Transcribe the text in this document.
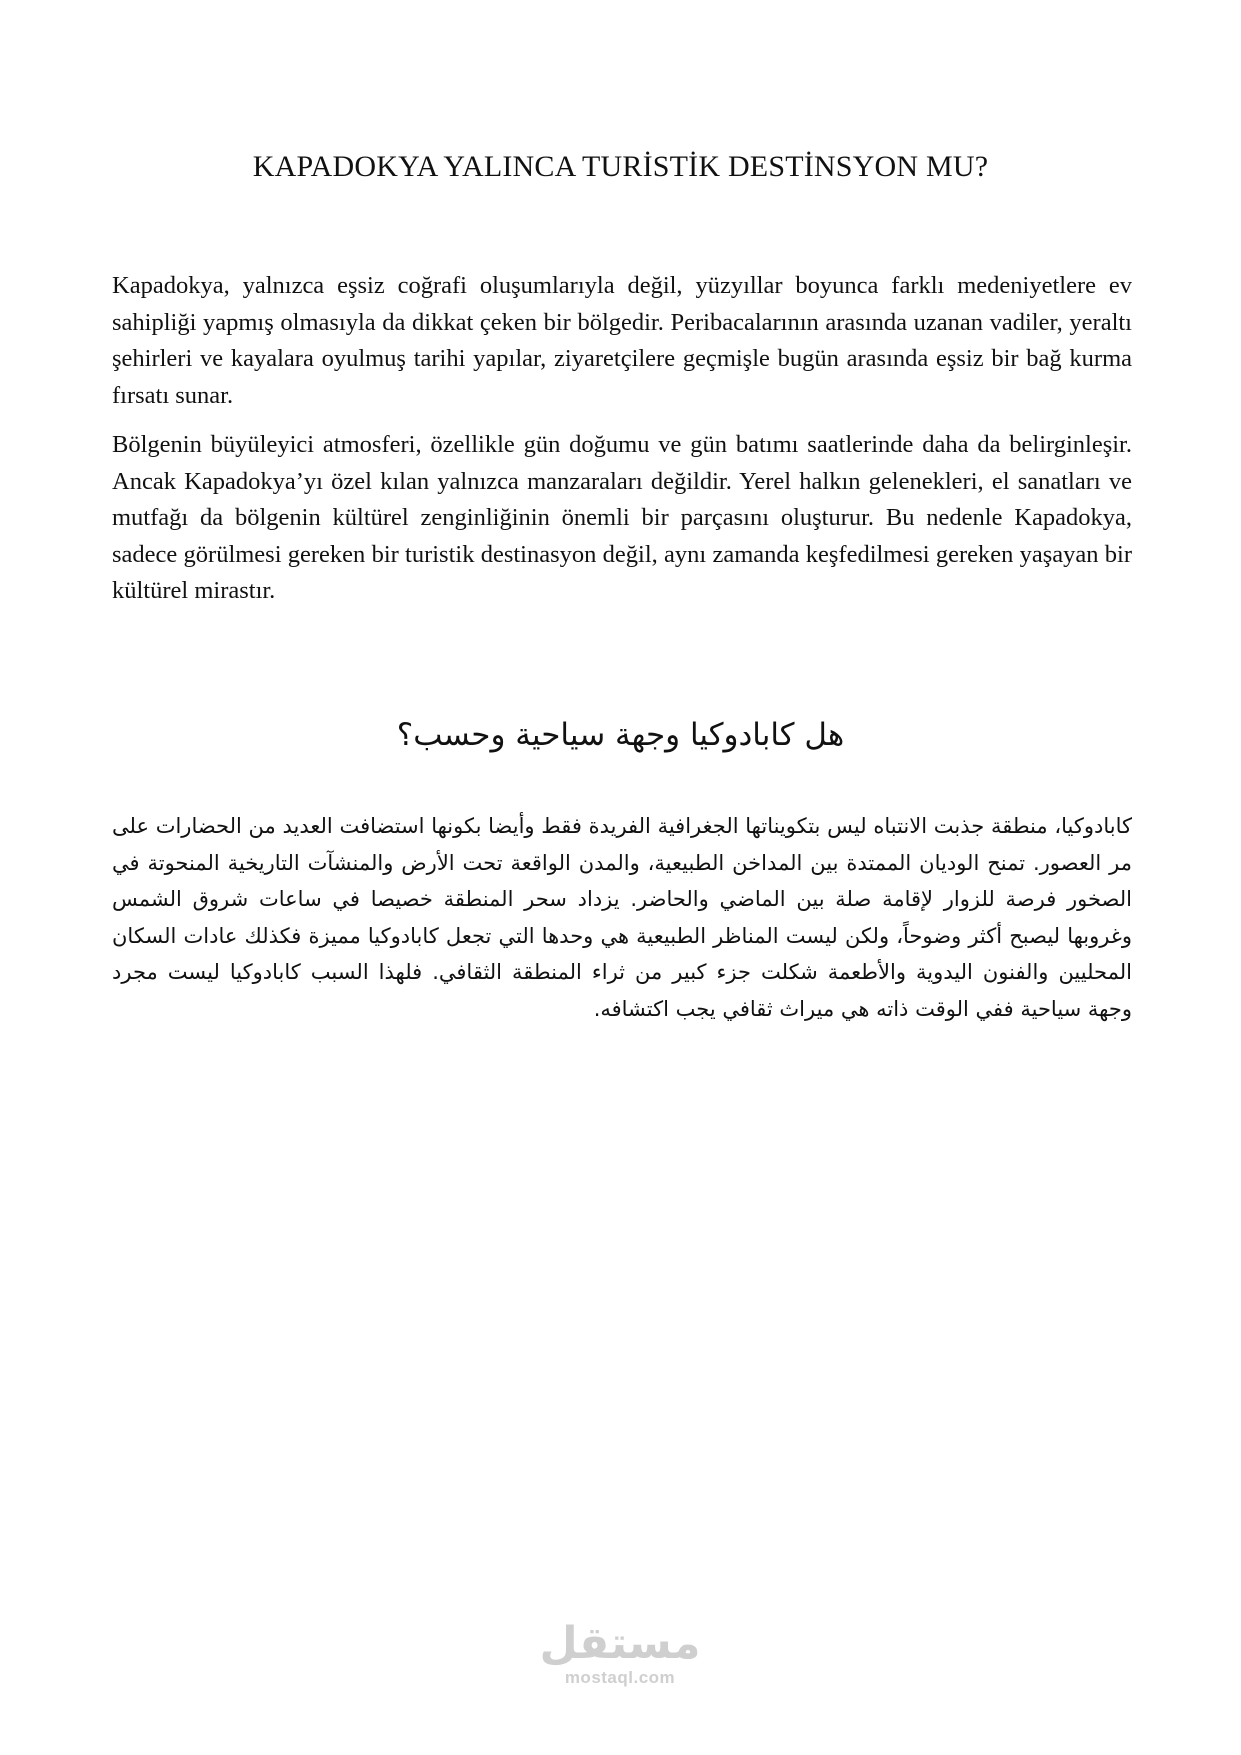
KAPADOKYA YALINCA TURİSTİK DESTİNSYON MU?

Kapadokya, yalnızca eşsiz coğrafi oluşumlarıyla değil, yüzyıllar boyunca farklı medeniyetlere ev sahipliği yapmış olmasıyla da dikkat çeken bir bölgedir. Peribacalarının arasında uzanan vadiler, yeraltı şehirleri ve kayalara oyulmuş tarihi yapılar, ziyaretçilere geçmişle bugün arasında eşsiz bir bağ kurma fırsatı sunar.

Bölgenin büyüleyici atmosferi, özellikle gün doğumu ve gün batımı saatlerinde daha da belirginleşir. Ancak Kapadokya’yı özel kılan yalnızca manzaraları değildir. Yerel halkın gelenekleri, el sanatları ve mutfağı da bölgenin kültürel zenginliğinin önemli bir parçasını oluşturur. Bu nedenle Kapadokya, sadece görülmesi gereken bir turistik destinasyon değil, aynı zamanda keşfedilmesi gereken yaşayan bir kültürel mirastır.

هل كابادوكيا وجهة سياحية وحسب؟

كابادوكيا، منطقة جذبت الانتباه ليس بتكويناتها الجغرافية الفريدة فقط وأيضا بكونها استضافت العديد من الحضارات على مر العصور. تمنح الوديان الممتدة بين المداخن الطبيعية، والمدن الواقعة تحت الأرض والمنشآت التاريخية المنحوتة في الصخور فرصة للزوار لإقامة صلة بين الماضي والحاضر. يزداد سحر المنطقة خصيصا في ساعات شروق الشمس وغروبها ليصبح أكثر وضوحاً، ولكن ليست المناظر الطبيعية هي وحدها التي تجعل كابادوكيا مميزة فكذلك عادات السكان المحليين والفنون اليدوية والأطعمة شكلت جزء كبير من ثراء المنطقة الثقافي. فلهذا السبب كابادوكيا ليست مجرد وجهة سياحية ففي الوقت ذاته هي ميراث ثقافي يجب اكتشافه.

مستقل
mostaql.com
